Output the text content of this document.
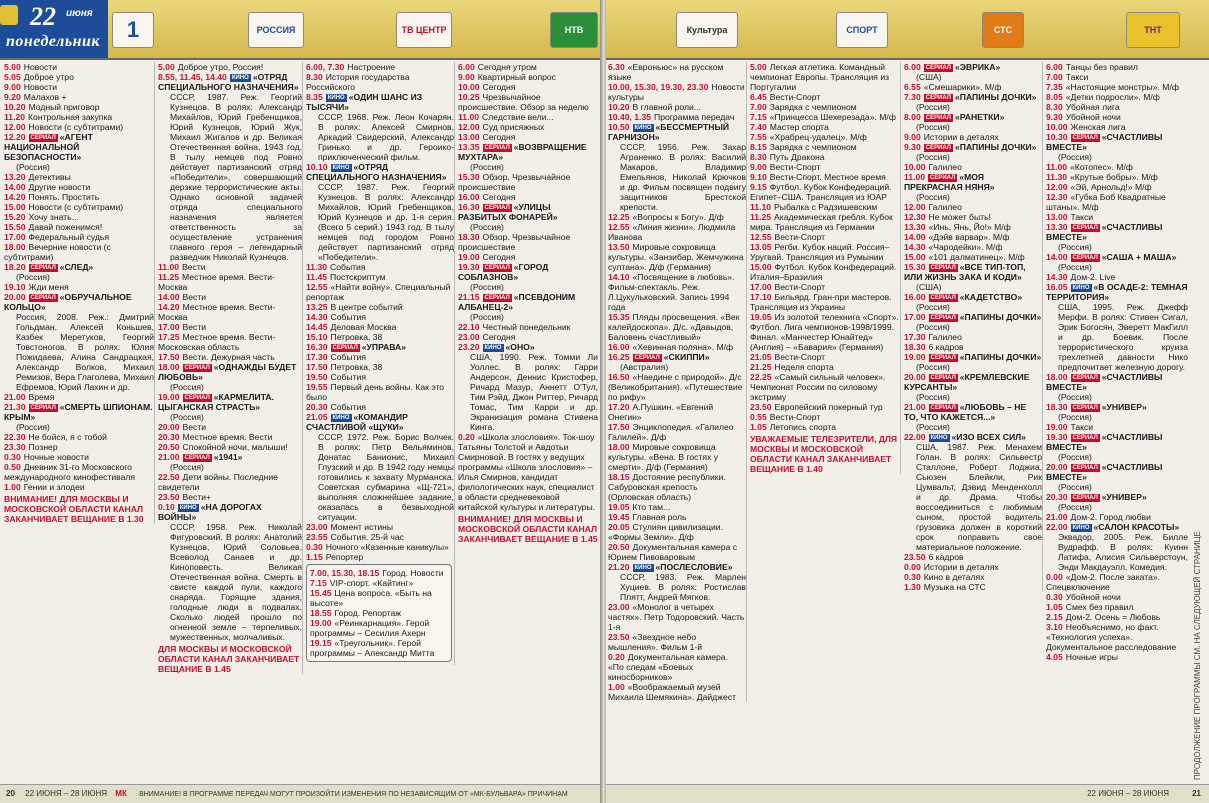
22 июня
понедельник	1	РОССИЯ	ТВ ЦЕНТР	НТВ
5.00 Новости
5.05 Доброе утро
9.00 Новости
9.20 Малахов +
10.20 Модный приговор
11.20 Контрольная закупка
12.00 Новости (с субтитрами)
12.20 СЕРИАЛ «АГЕНТ НАЦИОНАЛЬНОЙ БЕЗОПАСНОСТИ»
(Россия)
13.20 Детективы
14.00 Другие новости
14.20 Понять. Простить
15.00 Новости (с субтитрами)
15.20 Хочу знать...
15.50 Давай поженимся!
17.00 Федеральный судья
18.00 Вечерние новости (с субтитрами)
18.20 СЕРИАЛ «СЛЕД»
(Россия)
19.10 Жди меня
20.00 СЕРИАЛ «ОБРУЧАЛЬНОЕ КОЛЬЦО»
Россия, 2008. Реж.: Дмитрий Гольдман, Алексей Коньшев, Казбек Меретуков, Георгий Товстоногов. В ролях: Юлия Пожидаева, Алина Сандрацкая, Александр Волков, Михаил Ремизов, Вера Глаголева, Михаил Ефремов, Юрий Лахин и др.
21.00 Время
21.30 СЕРИАЛ «СМЕРТЬ ШПИОНАМ. КРЫМ»
(Россия)
22.30 Не бойся, я с тобой
23.30 Познер
0.30 Ночные новости
0.50 Дневник 31-го Московского международного кинофестиваля
1.00 Гении и злодеи
ВНИМАНИЕ! ДЛЯ МОСКВЫ И МОСКОВСКОЙ ОБЛАСТИ КАНАЛ ЗАКАНЧИВАЕТ ВЕЩАНИЕ В 1.30
5.00 Доброе утро, Россия!
8.55, 11.45, 14.40 КИНО «ОТРЯД СПЕЦИАЛЬНОГО НАЗНАЧЕНИЯ»
СССР, 1987. Реж. Георгий Кузнецов. В ролях: Александр Михайлов, Юрий Гребенщиков, Юрий Кузнецов, Юрий Жук, Михаил Жигалов и др. Великая Отечественная война, 1943 год. В тылу немцев под Ровно действует партизанский отряд «Победители», совершающий дерзкие террористические акты. Однако основной задачей отряда специального назначения является ответственность за осуществление устранения главного героя – легендарный разведчик Николай Кузнецов.
11.00 Вести
11.25 Местное время. Вести-Москва
14.00 Вести
14.20 Местное время. Вести-Москва
17.00 Вести
17.25 Местное время. Вести-Московская область
17.50 Вести. Дежурная часть
18.00 СЕРИАЛ «ОДНАЖДЫ БУДЕТ ЛЮБОВЬ»
(Россия)
19.00 СЕРИАЛ «КАРМЕЛИТА. ЦЫГАНСКАЯ СТРАСТЬ»
(Россия)
20.00 Вести
20.30 Местное время. Вести
20.50 Спокойной ночи, малыши!
21.00 СЕРИАЛ «1941»
(Россия)
22.50 Дети войны. Последние свидетели
23.50 Вести+
0.10 КИНО «НА ДОРОГАХ ВОЙНЫ»
СССР, 1958. Реж. Николай Фигуровский. В ролях: Анатолий Кузнецов, Юрий Соловьев, Всеволод Санаев и др. Киноповесть. Великая Отечественная война. Смерть в свисте каждой пули, каждого снаряда. Горящие здания, голодные люди в подвалах. Сколько людей прошло по огненной земле – терпеливых, мужественных, молчаливых.
ДЛЯ МОСКВЫ И МОСКОВСКОЙ ОБЛАСТИ КАНАЛ ЗАКАНЧИВАЕТ ВЕЩАНИЕ В 1.45
6.00, 7.30 Настроение
8.30 История государства Российского
8.35 КИНО «ОДИН ШАНС ИЗ ТЫСЯЧИ»
СССР, 1968. Реж. Леон Кочарян. В ролях: Алексей Смирнов, Аркадий Свидерский, Александр Гринько и др. Героико-приключенческий фильм.
10.10 КИНО «ОТРЯД СПЕЦИАЛЬНОГО НАЗНАЧЕНИЯ»
СССР, 1987. Реж. Георгий Кузнецов. В ролях: Александр Михайлов, Юрий Гребенщиков, Юрий Кузнецов и др. 1-я серия. (Всего 5 серий.) 1943 год. В тылу немцев под городом Ровно действует партизанский отряд «Победители».
11.30 События
11.45 Постскриптум
12.55 «Найти войну». Специальный репортаж
13.25 В центре событий
14.30 События
14.45 Деловая Москва
15.10 Петровка, 38
16.30 СЕРИАЛ «УПРАВА»
17.30 События
17.50 Петровка, 38
19.50 События
19.55 Первый день войны. Как это было
20.30 События
21.05 КИНО «КОМАНДИР СЧАСТЛИВОЙ «ЩУКИ»
СССР, 1972. Реж. Борис Волчек. В ролях: Петр Вельяминов, Донатас Банионис, Михаил Глузский и др. В 1942 году немцы готовились к захвату Мурманска. Советская субмарина «Щ-721», выполняя сложнейшее задание, оказалась в безвыходной ситуации.
23.00 Момент истины
23.55 События. 25-й час
0.30 Ночного «Казенные каникулы»
1.15 Репортер
7.00, 15.30, 18.15 Город. Новости
7.15 VIP-спорт. «Кайтинг»
15.45 Цена вопроса. «Быть на высоте»
18.55 Город. Репортаж
19.00 «Реинкарнация». Герой программы – Сесилия Ахерн
19.15 «Треугольник». Герой программы – Александр Митта
6.00 Сегодня утром
9.00 Квартирный вопрос
10.00 Сегодня
10.25 Чрезвычайное происшествие. Обзор за неделю
11.00 Следствие вели...
12.00 Суд присяжных
13.00 Сегодня
13.35 СЕРИАЛ «ВОЗВРАЩЕНИЕ МУХТАРА»
(Россия)
15.30 Обзор. Чрезвычайное происшествие
16.00 Сегодня
16.30 СЕРИАЛ «УЛИЦЫ РАЗБИТЫХ ФОНАРЕЙ»
(Россия)
18.30 Обзор. Чрезвычайное происшествие
19.00 Сегодня
19.30 СЕРИАЛ «ГОРОД СОБЛАЗНОВ»
(Россия)
21.15 СЕРИАЛ «ПСЕВДОНИМ АЛБАНЕЦ-2»
(Россия)
22.10 Честный понедельник
23.00 Сегодня
23.20 КИНО «ОНО»
США, 1990. Реж. Томми Ли Уоллес. В ролях: Гарри Андерсон, Деннис Кристофер, Ричард Мазур, Аннетт О'Тул, Тим Рэйд, Джон Риттер, Ричард Томас, Тим Карри и др. Экранизация романа Стивена Кинга.
0.20 «Школа злословия». Ток-шоу Татьяны Толстой и Авдотьи Смирновой. В гостях у ведущих программы «Школа злословия» – Илья Смирнов, кандидат филологических наук, специалист в области средневековой китайской культуры и литературы.
ВНИМАНИЕ! ДЛЯ МОСКВЫ И МОСКОВСКОЙ ОБЛАСТИ КАНАЛ ЗАКАНЧИВАЕТ ВЕЩАНИЕ В 1.45
20 22 ИЮНЯ – 28 ИЮНЯ МК ВНИМАНИЕ! В ПРОГРАММЕ ПЕРЕДАЧ МОГУТ ПРОИЗОЙТИ ИЗМЕНЕНИЯ ПО НЕЗАВИСЯЩИМ ОТ «МК-БУЛЬВАРА» ПРИЧИНАМ
Культура	СПОРТ	СТС	ТНТ
6.30 «Евроньюс» на русском языке
10.00, 15.30, 19.30, 23.30 Новости культуры
10.20 В главной роли...
10.40, 1.35 Программа передач
10.50 КИНО «БЕССМЕРТНЫЙ ГАРНИЗОН»
СССР, 1956. Реж. Захар Аграненко. В ролях: Василий Макаров, Владимир Емельянов, Николай Крючков и др. Фильм посвящен подвигу защитников Брестской крепости.
12.25 «Вопросы к Богу». Д/ф
12.55 «Линия жизни». Людмила Иванова
13.50 Мировые сокровища культуры. «Занзибар. Жемчужина султана». Д/ф (Германия)
14.10 «Посвящение в любовь». Фильм-спектакль. Реж. Л.Цукульковский. Запись 1994 года
15.35 Пляды просвещения. «Век калейдоскопа». Д/с. «Давыдов, Баловень счастливый»
16.00 «Хевинная поляна». М/ф
16.25 СЕРИАЛ «СКИППИ»
(Австралия)
16.50 «Наедине с природой». Д/с (Великобритания). «Путешествие по рифу»
17.20 А.Пушкин. «Евгений Онегин»
17.50 Энциклопедия. «Галилео Галилей». Д/ф
18.00 Мировые сокровища культуры. «Вена. В гостях у смерти». Д/ф (Германия)
18.15 Достояние республики. Сабуровская крепость (Орловская область)
19.05 Кто там...
19.45 Главная роль
20.05 Стулиян цивилизации. «Формы Земли». Д/ф
20.50 Документальная камера с Юрием Пивоваровым
21.20 КИНО «ПОСЛЕСЛОВИЕ»
СССР, 1983. Реж. Марлен Хуциев. В ролях: Ростислав Плятт, Андрей Мягков.
23.00 «Монолог в четырех частях». Петр Тодоровский. Часть 1-я
23.50 «Звездное небо мышления». Фильм 1-й
0.20 Документальная камера. «По следам «Боевых киносборников»
1.00 «Воображаемый музей Михаила Шемякина». Дайджест
5.00 Легкая атлетика. Командный чемпионат Европы. Трансляция из Португалии
6.45 Вести-Спорт
7.00 Зарядка с чемпионом
7.15 «Принцесса Шехерезада». М/ф
7.40 Мастер спорта
7.55 «Храбрец-удалец». М/ф
8.15 Зарядка с чемпионом
8.30 Путь Дракона
9.00 Вести-Спорт
9.10 Вести-Спорт. Местное время
9.15 Футбол. Кубок Конфедераций. Египет–США. Трансляция из ЮАР
11.10 Рыбалка с Радзишевским
11.25 Академическая гребля. Кубок мира. Трансляция из Германии
12.55 Вести-Спорт
13.05 Регби. Кубок наций. Россия–Уругвай. Трансляция из Румынии
15.00 Футбол. Кубок Конфедераций. Италия–Бразилия
17.00 Вести-Спорт
17.10 Бильярд. Гран-при мастеров. Трансляция из Украины
19.05 Из золотой телекнига «Спорт». Футбол. Лига чемпионов-1998/1999. Финал. «Манчестер Юнайтед» (Англия) – «Бавария» (Германия)
21.05 Вести-Спорт
21.25 Неделя спорта
22.25 «Самый сильный человек». Чемпионат России по силовому экстриму
23.50 Европейский покерный тур
0.55 Вести-Спорт
1.05 Летопись спорта
УВАЖАЕМЫЕ ТЕЛЕЗРИТЕЛИ, ДЛЯ МОСКВЫ И МОСКОВСКОЙ ОБЛАСТИ КАНАЛ ЗАКАНЧИВАЕТ ВЕЩАНИЕ В 1.40
6.00 СЕРИАЛ «ЭВРИКА»
(США)
6.55 «Смешарики». М/ф
7.30 СЕРИАЛ «ПАПИНЫ ДОЧКИ»
(Россия)
8.00 СЕРИАЛ «РАНЕТКИ»
(Россия)
9.00 Истории в деталях
9.30 СЕРИАЛ «ПАПИНЫ ДОЧКИ»
(Россия)
10.00 Галилео
11.00 СЕРИАЛ «МОЯ ПРЕКРАСНАЯ НЯНЯ»
(Россия)
12.00 Галилео
12.30 Не может быть!
13.30 «Инь, Янь, Йо!» М/ф
14.00 «Дэйв варвар». М/ф
14.30 «Чародейки». М/ф
15.00 «101 далматинец». М/ф
15.30 СЕРИАЛ «ВСЕ ТИП-ТОП, ИЛИ ЖИЗНЬ ЗАКА И КОДИ»
(США)
16.00 СЕРИАЛ «КАДЕТСТВО»
(Россия)
17.00 СЕРИАЛ «ПАПИНЫ ДОЧКИ»
(Россия)
17.30 Галилео
18.30 6 кадров
19.00 СЕРИАЛ «ПАПИНЫ ДОЧКИ»
(Россия)
20.00 СЕРИАЛ «КРЕМЛЕВСКИЕ КУРСАНТЫ»
(Россия)
21.00 СЕРИАЛ «ЛЮБОВЬ – НЕ ТО, ЧТО КАЖЕТСЯ...»
(Россия)
22.00 КИНО «ИЗО ВСЕХ СИЛ»
США, 1987. Реж. Менахем Голан. В ролях: Сильвестр Сталлоне, Роберт Лоджиа, Сьюзен Блейкли, Рик Цумвальт, Дэвид Менденхолл и др. Драма. Чтобы воссоединиться с любимым сыном, простой водитель грузовика должен в короткий срок поправить свое материальное положение.
23.50 6 кадров
0.00 Истории в деталях
0.30 Кино в деталях
1.30 Музыка на СТС
6.00 Танцы без правил
7.00 Такси
7.35 «Настоящие монстры». М/ф
8.05 «Детки подросли». М/ф
8.30 Убойная лига
9.30 Убойной ночи
10.00 Женская лига
10.30 СЕРИАЛ «СЧАСТЛИВЫ ВМЕСТЕ»
(Россия)
11.00 «Котопес». М/ф
11.30 «Крутые бобры». М/ф
12.00 «Эй, Арнольд!» М/ф
12.30 «Губка Боб Квадратные штаны». М/ф
13.00 Такси
13.30 СЕРИАЛ «СЧАСТЛИВЫ ВМЕСТЕ»
(Россия)
14.00 СЕРИАЛ «САША + МАША»
(Россия)
14.30 Дом-2. Live
16.05 КИНО «В ОСАДЕ-2: ТЕМНАЯ ТЕРРИТОРИЯ»
США, 1995. Реж. Джефф Мерфи. В ролях: Стивен Сигал, Эрик Богосян, Эверетт МакГилл и др. Боевик. После террористического круиза трехлетней давности Нико предпочитает железную дорогу.
18.00 СЕРИАЛ «СЧАСТЛИВЫ ВМЕСТЕ»
(Россия)
18.30 СЕРИАЛ «УНИВЕР»
(Россия)
19.00 Такси
19.30 СЕРИАЛ «СЧАСТЛИВЫ ВМЕСТЕ»
(Россия)
20.00 СЕРИАЛ «СЧАСТЛИВЫ ВМЕСТЕ»
(Россия)
20.30 СЕРИАЛ «УНИВЕР»
(Россия)
21.00 Дом-2. Город любви
22.00 КИНО «САЛОН КРАСОТЫ»
Эквадор, 2005. Реж. Билле Вудрафф. В ролях: Куинн Латифа, Алисия Сильверстоун, Энди Макдауэлл. Комедия.
0.00 «Дом-2. После заката». Спецвключение
0.30 Убойной ночи
1.05 Смех без правил
2.15 Дом-2. Осень = Любовь
3.10 Необъяснимо, но факт. «Технология успеха». Документальное расследование
4.05 Ночные игры	ПРОДОЛЖЕНИЕ ПРОГРАММЫ СМ. НА СЛЕДУЮЩЕЙ СТРАНИЦЕ
22 ИЮНЯ – 28 ИЮНЯ	21
